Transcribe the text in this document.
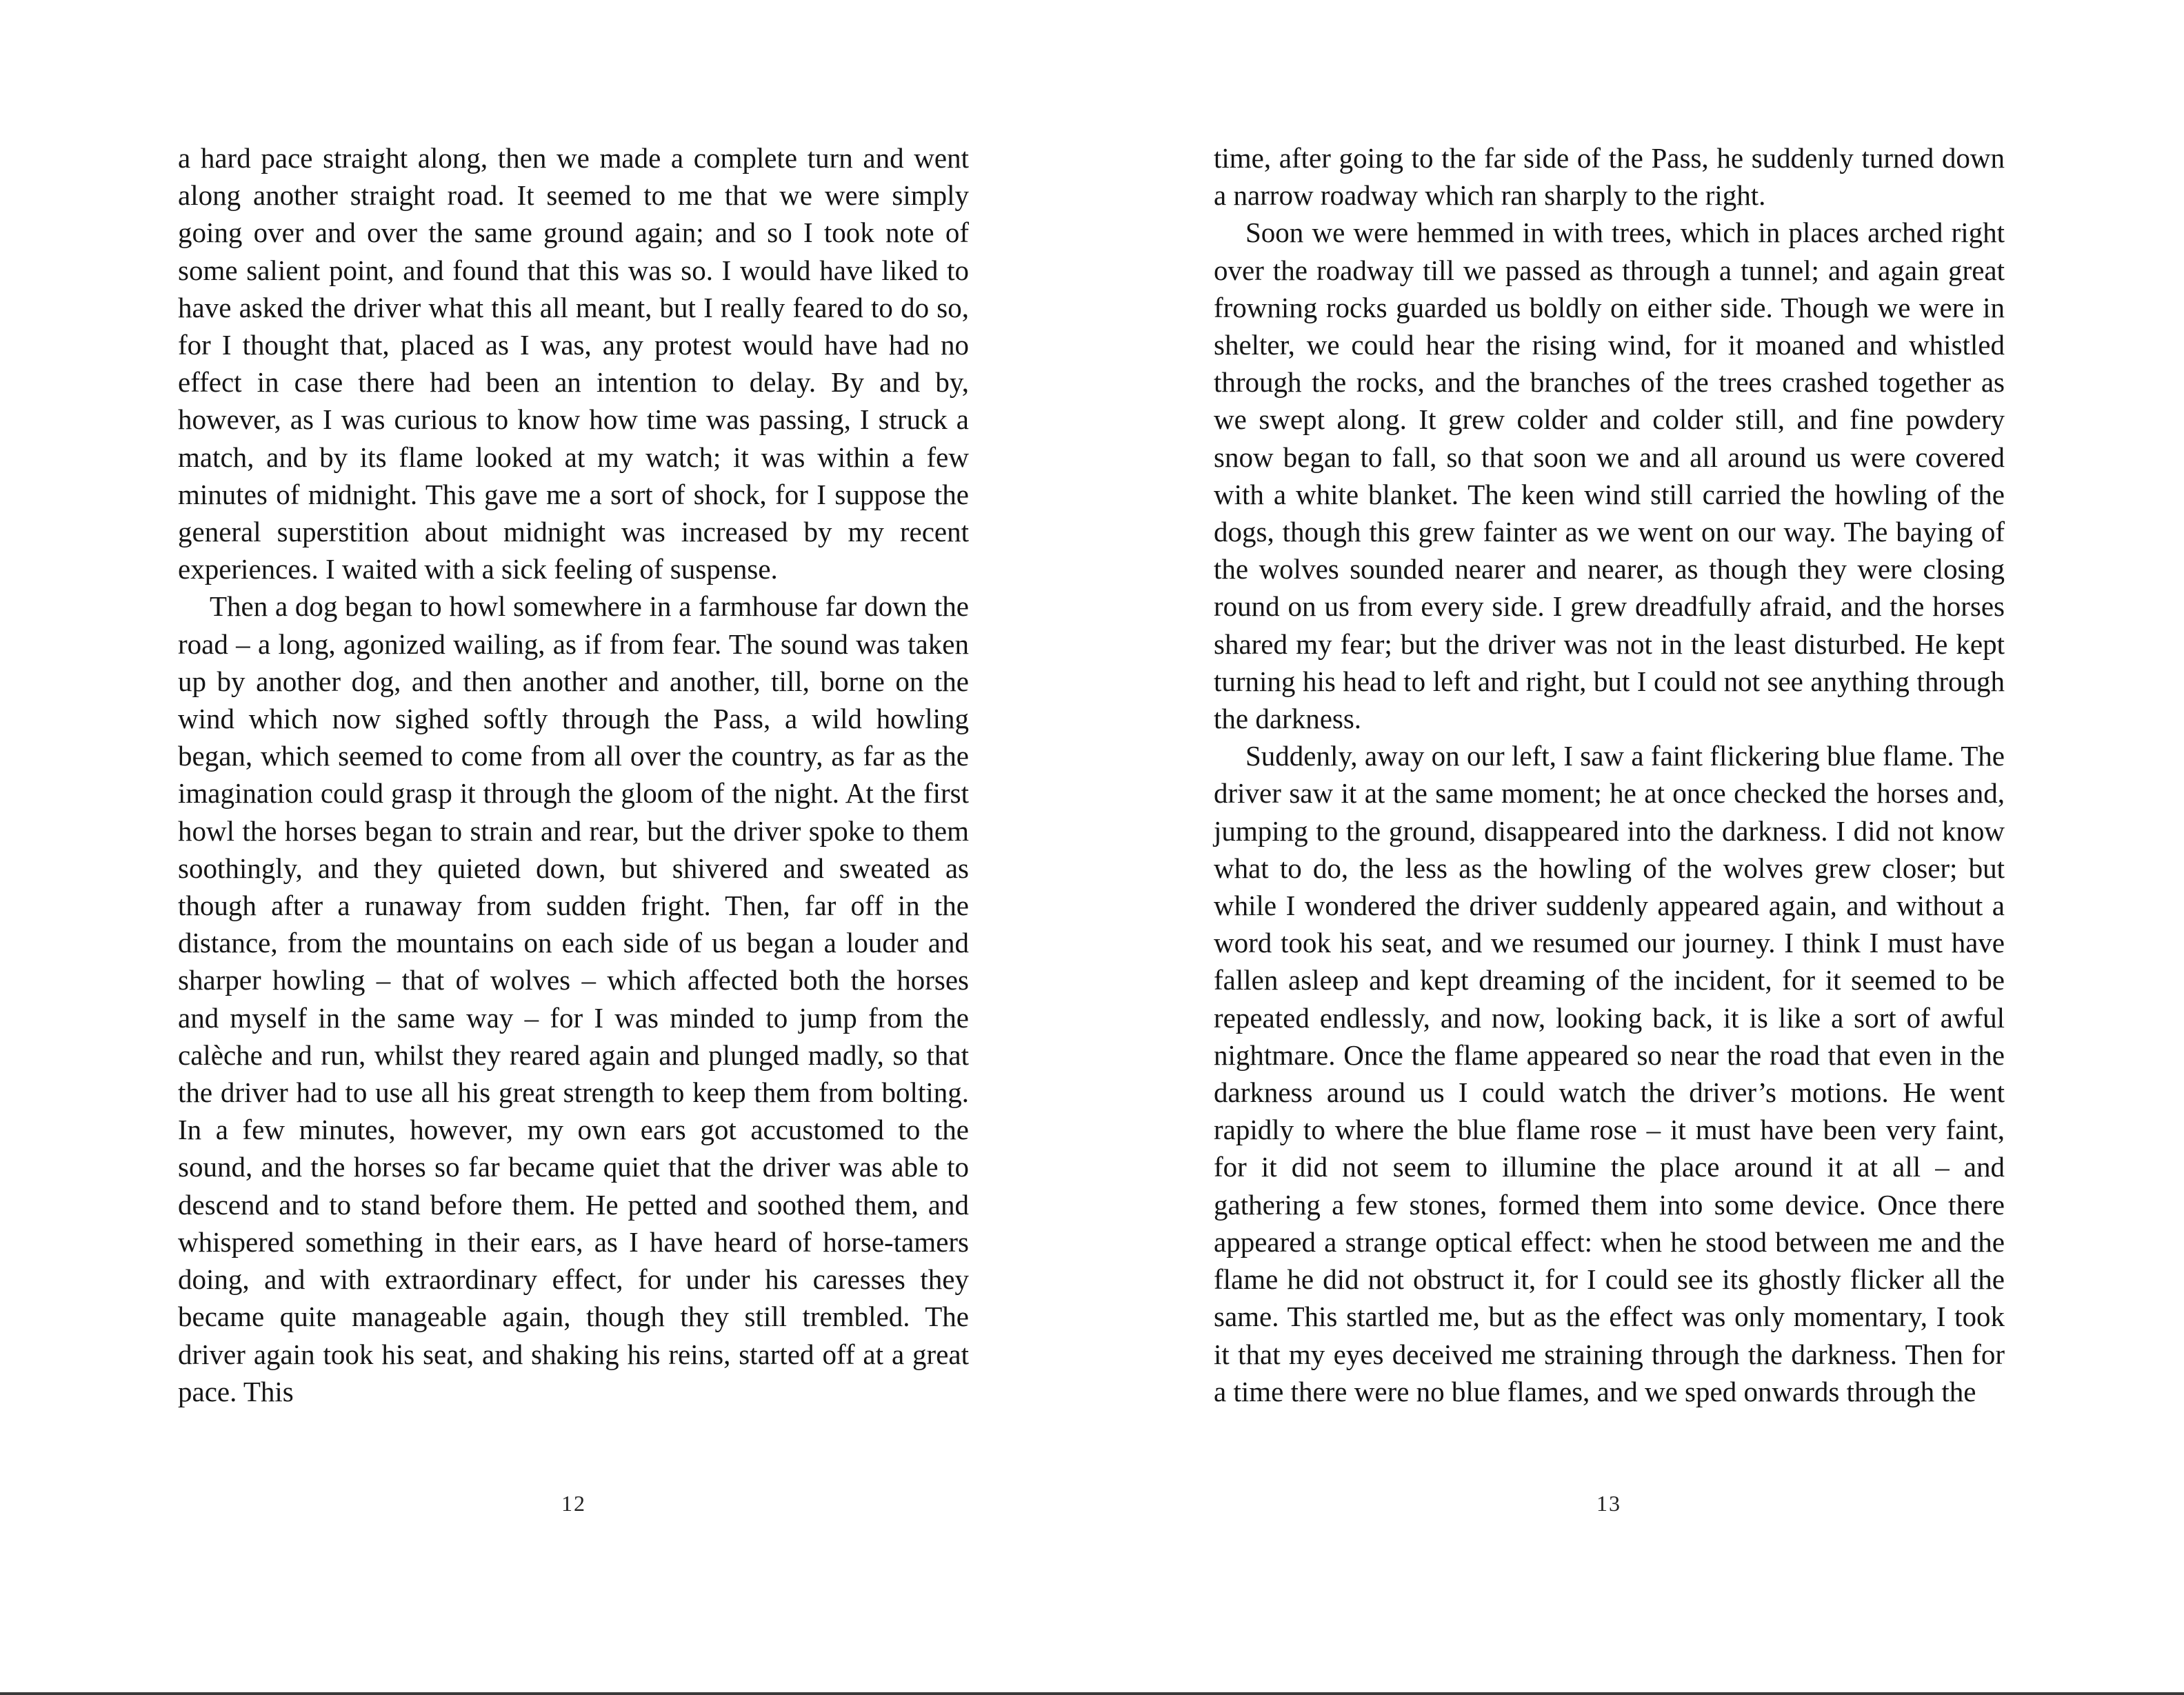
a hard pace straight along, then we made a complete turn and went along another straight road. It seemed to me that we were simply going over and over the same ground again; and so I took note of some salient point, and found that this was so. I would have liked to have asked the driver what this all meant, but I really feared to do so, for I thought that, placed as I was, any protest would have had no effect in case there had been an intention to delay. By and by, however, as I was curious to know how time was passing, I struck a match, and by its flame looked at my watch; it was within a few minutes of midnight. This gave me a sort of shock, for I suppose the general superstition about midnight was increased by my recent experiences. I waited with a sick feeling of suspense.

Then a dog began to howl somewhere in a farmhouse far down the road – a long, agonized wailing, as if from fear. The sound was taken up by another dog, and then another and another, till, borne on the wind which now sighed softly through the Pass, a wild howling began, which seemed to come from all over the country, as far as the imagination could grasp it through the gloom of the night. At the first howl the horses began to strain and rear, but the driver spoke to them soothingly, and they quieted down, but shivered and sweated as though after a runaway from sudden fright. Then, far off in the distance, from the mountains on each side of us began a louder and sharper howling – that of wolves – which affected both the horses and myself in the same way – for I was minded to jump from the calèche and run, whilst they reared again and plunged madly, so that the driver had to use all his great strength to keep them from bolting. In a few minutes, however, my own ears got accustomed to the sound, and the horses so far became quiet that the driver was able to descend and to stand before them. He petted and soothed them, and whispered something in their ears, as I have heard of horse-tamers doing, and with extraordinary effect, for under his caresses they became quite manageable again, though they still trembled. The driver again took his seat, and shaking his reins, started off at a great pace. This

12

time, after going to the far side of the Pass, he suddenly turned down a narrow roadway which ran sharply to the right.

Soon we were hemmed in with trees, which in places arched right over the roadway till we passed as through a tunnel; and again great frowning rocks guarded us boldly on either side. Though we were in shelter, we could hear the rising wind, for it moaned and whistled through the rocks, and the branches of the trees crashed together as we swept along. It grew colder and colder still, and fine powdery snow began to fall, so that soon we and all around us were covered with a white blanket. The keen wind still carried the howling of the dogs, though this grew fainter as we went on our way. The baying of the wolves sounded nearer and nearer, as though they were closing round on us from every side. I grew dreadfully afraid, and the horses shared my fear; but the driver was not in the least disturbed. He kept turning his head to left and right, but I could not see anything through the darkness.

Suddenly, away on our left, I saw a faint flickering blue flame. The driver saw it at the same moment; he at once checked the horses and, jumping to the ground, disappeared into the darkness. I did not know what to do, the less as the howling of the wolves grew closer; but while I wondered the driver suddenly appeared again, and without a word took his seat, and we resumed our journey. I think I must have fallen asleep and kept dreaming of the incident, for it seemed to be repeated endlessly, and now, looking back, it is like a sort of awful nightmare. Once the flame appeared so near the road that even in the darkness around us I could watch the driver’s motions. He went rapidly to where the blue flame rose – it must have been very faint, for it did not seem to illumine the place around it at all – and gathering a few stones, formed them into some device. Once there appeared a strange optical effect: when he stood between me and the flame he did not obstruct it, for I could see its ghostly flicker all the same. This startled me, but as the effect was only momentary, I took it that my eyes deceived me straining through the darkness. Then for a time there were no blue flames, and we sped onwards through the

13
